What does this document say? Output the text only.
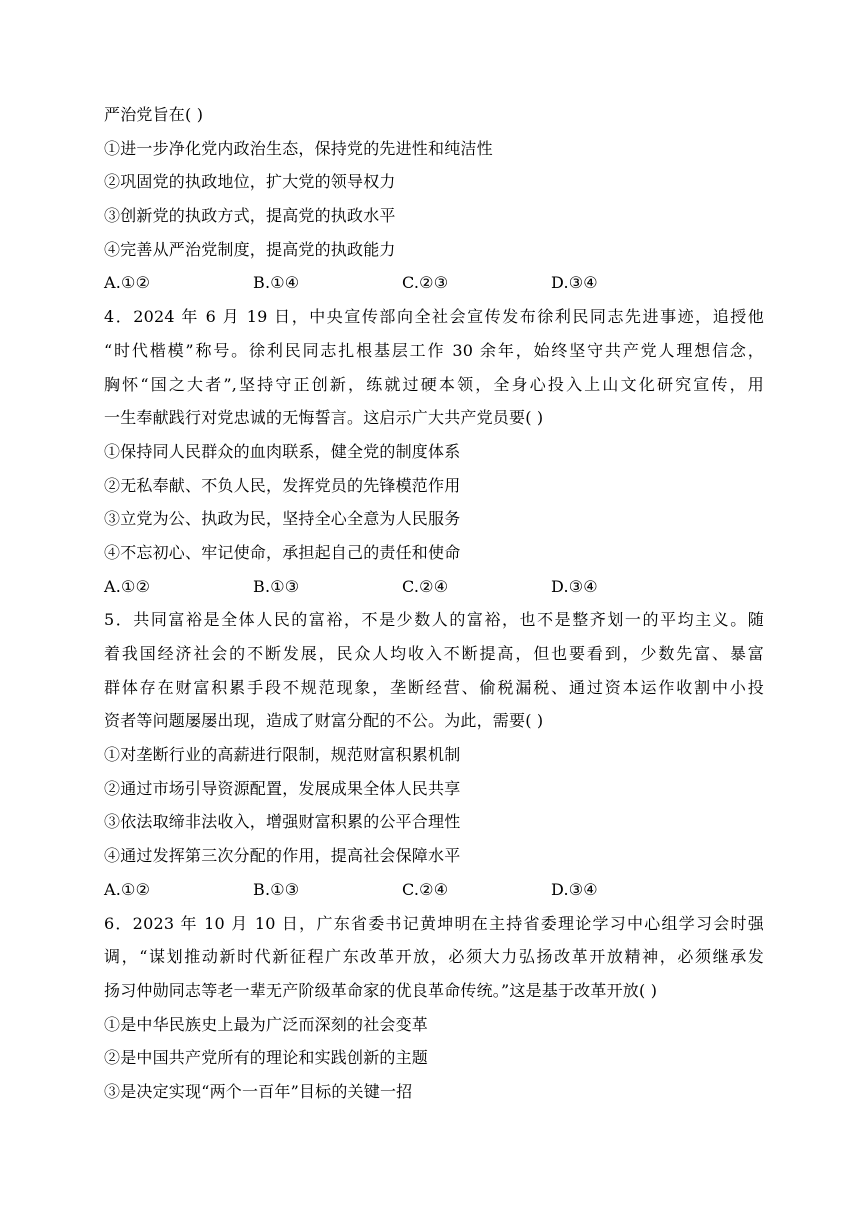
严治党旨在( )
①进一步净化党内政治生态，保持党的先进性和纯洁性
②巩固党的执政地位，扩大党的领导权力
③创新党的执政方式，提高党的执政水平
④完善从严治党制度，提高党的执政能力
A.①②	B.①④	C.②③	D.③④
4．2024 年 6 月 19 日，中央宣传部向全社会宣传发布徐利民同志先进事迹，追授他
“时代楷模”称号。徐利民同志扎根基层工作 30 余年，始终坚守共产党人理想信念，
胸怀“国之大者”,坚持守正创新，练就过硬本领，全身心投入上山文化研究宣传，用
一生奉献践行对党忠诚的无悔誓言。这启示广大共产党员要( )
①保持同人民群众的血肉联系，健全党的制度体系
②无私奉献、不负人民，发挥党员的先锋模范作用
③立党为公、执政为民，坚持全心全意为人民服务
④不忘初心、牢记使命，承担起自己的责任和使命
A.①②	B.①③	C.②④	D.③④
5．共同富裕是全体人民的富裕，不是少数人的富裕，也不是整齐划一的平均主义。随
着我国经济社会的不断发展，民众人均收入不断提高，但也要看到，少数先富、暴富
群体存在财富积累手段不规范现象，垄断经营、偷税漏税、通过资本运作收割中小投
资者等问题屡屡出现，造成了财富分配的不公。为此，需要( )
①对垄断行业的高薪进行限制，规范财富积累机制
②通过市场引导资源配置，发展成果全体人民共享
③依法取缔非法收入，增强财富积累的公平合理性
④通过发挥第三次分配的作用，提高社会保障水平
A.①②	B.①③	C.②④	D.③④
6．2023 年 10 月 10 日，广东省委书记黄坤明在主持省委理论学习中心组学习会时强
调，“谋划推动新时代新征程广东改革开放，必须大力弘扬改革开放精神，必须继承发
扬习仲勋同志等老一辈无产阶级革命家的优良革命传统。”这是基于改革开放( )
①是中华民族史上最为广泛而深刻的社会变革
②是中国共产党所有的理论和实践创新的主题
③是决定实现“两个一百年”目标的关键一招
